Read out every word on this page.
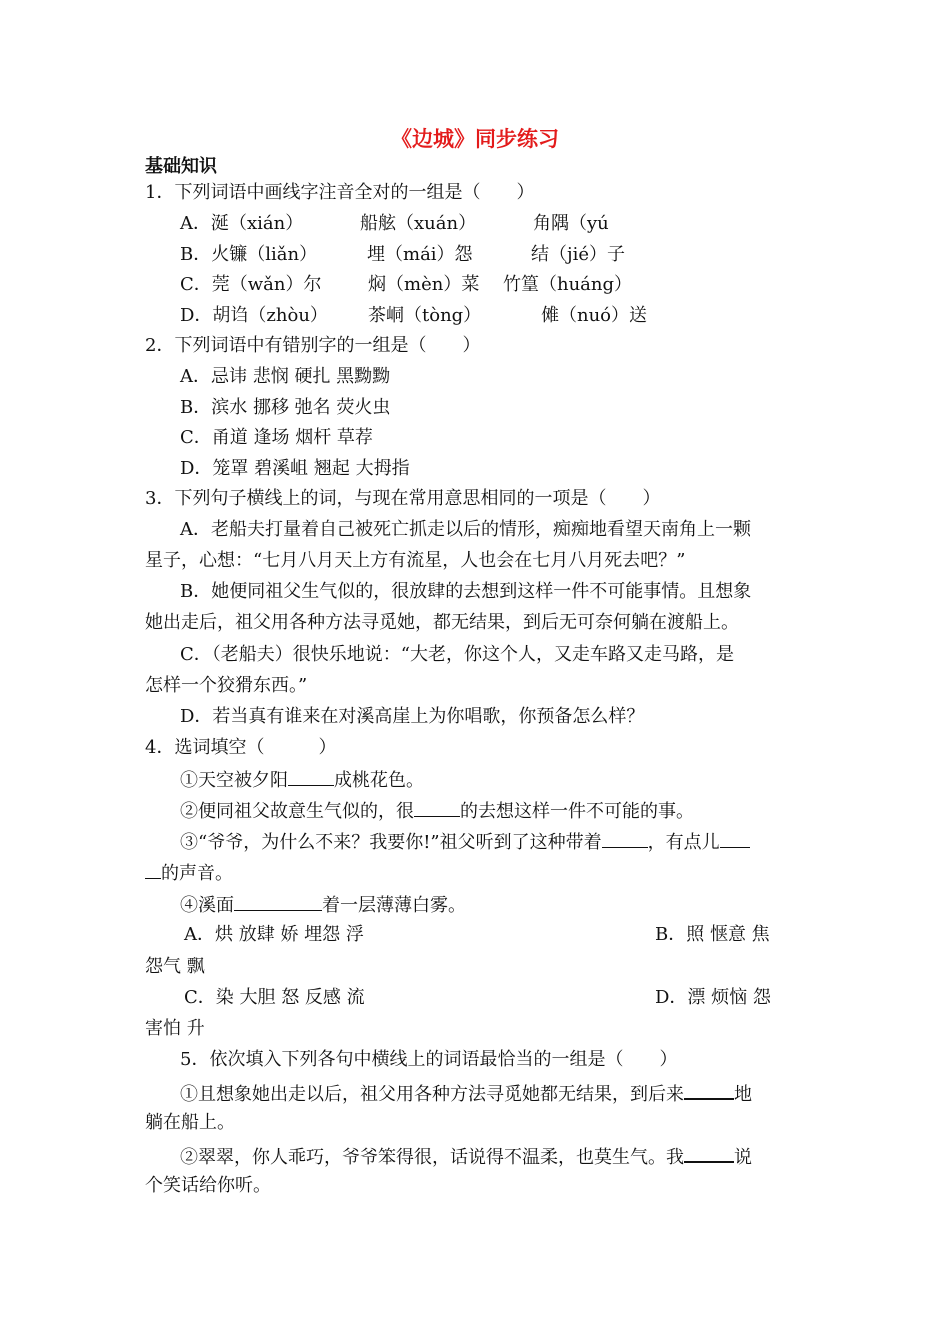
《边城》同步练习
基础知识
1．下列词语中画线字注音全对的一组是（　　）
A．涎（xián）	船舷（xuán）	角隅（yú
B．火镰（liǎn）	埋（mái）怨	结（jié）子
C．莞（wǎn）尔	焖（mèn）菜 竹篁（huáng）
D．胡诌（zhòu） 茶峒（tòng）	傩（nuó）送
2．下列词语中有错别字的一组是（　　）
A．忌讳 悲悯 硬扎 黑黝黝
B．滨水 挪移 弛名 荧火虫
C．甬道 逢场 烟杆 草荐
D．笼罩 碧溪岨 翘起 大拇指
3．下列句子横线上的词，与现在常用意思相同的一项是（　　）
A．老船夫打量着自己被死亡抓走以后的情形，痴痴地看望天南角上一颗
星子，心想：“七月八月天上方有流星，人也会在七月八月死去吧？”
B．她便同祖父生气似的，很放肆的去想到这样一件不可能事情。且想象
她出走后，祖父用各种方法寻觅她，都无结果，到后无可奈何躺在渡船上。
C．（老船夫）很快乐地说：“大老，你这个人，又走车路又走马路，是
怎样一个狡猾东西。”
D．若当真有谁来在对溪高崖上为你唱歌，你预备怎么样？
4．选词填空（　　　）
①天空被夕阳	成桃花色。
②便同祖父故意生气似的，很	的去想这样一件不可能的事。
③“爷爷，为什么不来？我要你!”祖父听到了这种带着	，有点儿
的声音。
④溪面	着一层薄薄白雾。
A．烘 放肆 娇 埋怨 浮	B．照 惬意 焦
怨气 飘
C．染 大胆 怒 反感 流	D．漂 烦恼 怨
害怕 升
5．依次填入下列各句中横线上的词语最恰当的一组是（　　）
①且想象她出走以后，祖父用各种方法寻觅她都无结果，到后来	地
躺在船上。
②翠翠，你人乖巧，爷爷笨得很，话说得不温柔，也莫生气。我	说
个笑话给你听。
